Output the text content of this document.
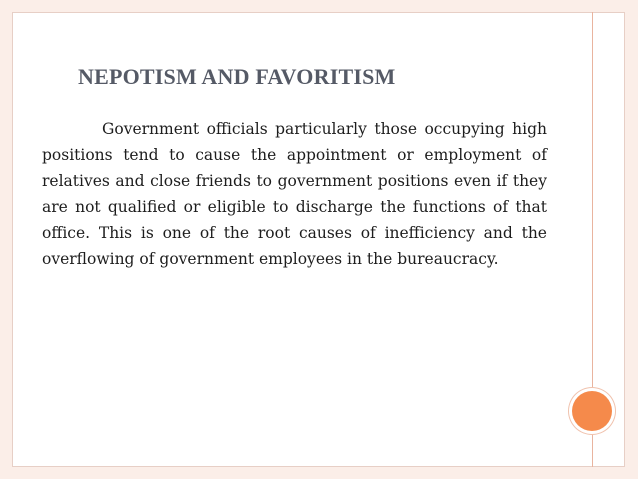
NEPOTISM AND FAVORITISM

Government officials particularly those occupying high positions tend to cause the appointment or employment of relatives and close friends to government positions even if they are not qualified or eligible to discharge the functions of that office. This is one of the root causes of inefficiency and the overflowing of government employees in the bureaucracy.
